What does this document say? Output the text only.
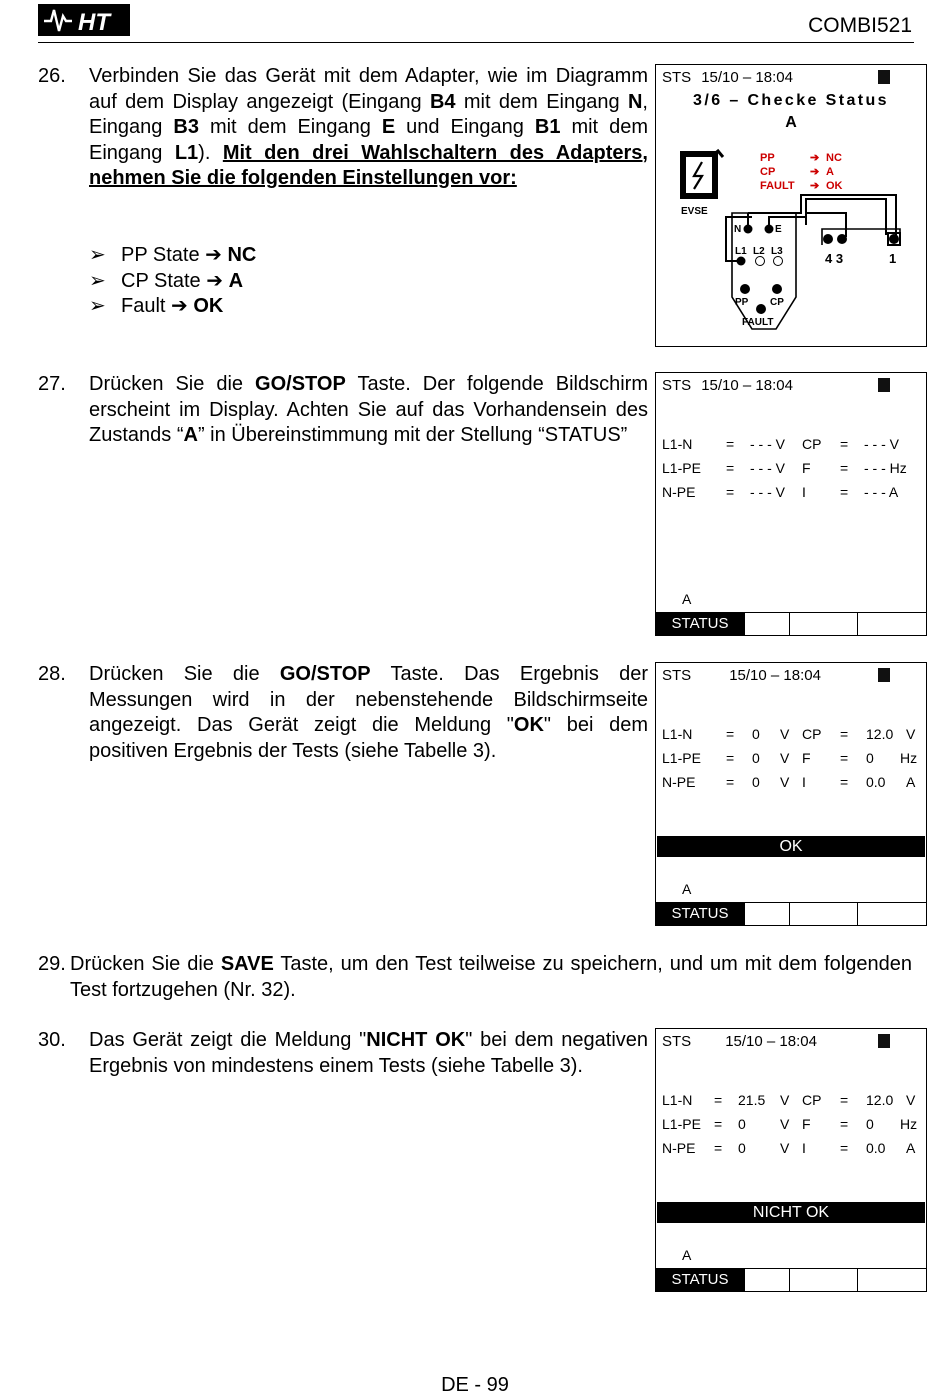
HT	COMBI521
26. Verbinden Sie das Gerät mit dem Adapter, wie im Diagramm auf dem Display angezeigt (Eingang B4 mit dem Eingang N, Eingang B3 mit dem Eingang E und Eingang B1 mit dem Eingang L1). Mit den drei Wahlschaltern des Adapters, nehmen Sie die folgenden Einstellungen vor:
➢ PP State ➔ NC
➢ CP State ➔ A
➢ Fault ➔ OK
STS 15/10 – 18:04
3/6 – Checke Status
A
EVSE
PP
CP
FAULT
➔
➔
➔
NC
A
OK
N	E
L1 L2 L3
PP CP
FAULT
4 3	1
27. Drücken Sie die GO/STOP Taste. Der folgende Bildschirm erscheint im Display. Achten Sie auf das Vorhandensein des Zustands “A” in Übereinstimmung mit der Stellung “STATUS”
STS 15/10 – 18:04
L1-N = - - - V CP = - - - V
L1-PE = - - - V F = - - - Hz
N-PE = - - - V I = - - - A
A
STATUS
28. Drücken Sie die GO/STOP Taste. Das Ergebnis der Messungen wird in der nebenstehende Bildschirmseite angezeigt. Das Gerät zeigt die Meldung "OK" bei dem positiven Ergebnis der Tests (siehe Tabelle 3).
STS	15/10 – 18:04
L1-N = 0 V CP = 12.0 V
L1-PE = 0 V F = 0 Hz
N-PE = 0 V I = 0.0 A
OK
A
STATUS
29. Drücken Sie die SAVE Taste, um den Test teilweise zu speichern, und um mit dem folgenden Test fortzugehen (Nr. 32).
30. Das Gerät zeigt die Meldung "NICHT OK" bei dem negativen Ergebnis von mindestens einem Tests (siehe Tabelle 3).
STS 15/10 – 18:04
L1-N = 21.5 V CP = 12.0 V
L1-PE = 0 V F = 0 Hz
N-PE = 0 V I = 0.0 A
NICHT OK
A
STATUS
DE - 99
